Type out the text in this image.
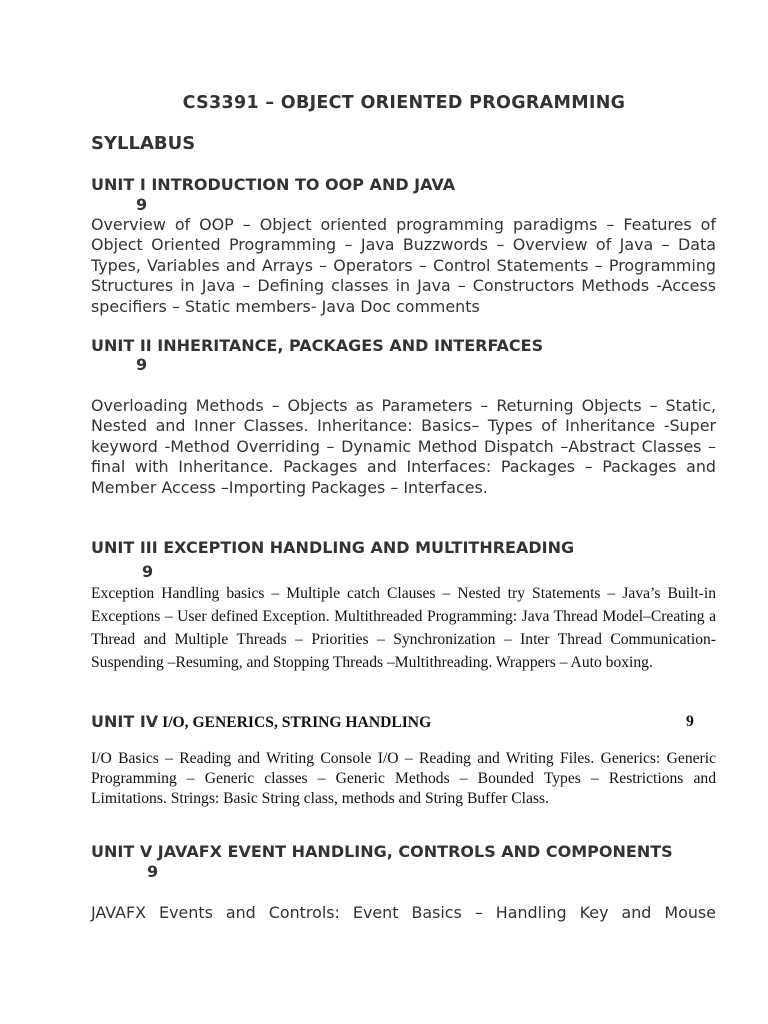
CS3391 – OBJECT ORIENTED PROGRAMMING
SYLLABUS
UNIT I INTRODUCTION TO OOP AND JAVA
9

Overview of OOP – Object oriented programming paradigms – Features of Object Oriented Programming – Java Buzzwords – Overview of Java – Data Types, Variables and Arrays – Operators – Control Statements – Programming Structures in Java – Defining classes in Java – Constructors Methods -Access specifiers – Static members- Java Doc comments

UNIT II INHERITANCE, PACKAGES AND INTERFACES
9

Overloading Methods – Objects as Parameters – Returning Objects – Static, Nested and Inner Classes. Inheritance: Basics– Types of Inheritance -Super keyword -Method Overriding – Dynamic Method Dispatch –Abstract Classes – final with Inheritance. Packages and Interfaces: Packages – Packages and Member Access –Importing Packages – Interfaces.

UNIT III EXCEPTION HANDLING AND MULTITHREADING
9

Exception Handling basics – Multiple catch Clauses – Nested try Statements – Java’s Built-in Exceptions – User defined Exception. Multithreaded Programming: Java Thread Model–Creating a Thread and Multiple Threads – Priorities – Synchronization – Inter Thread Communication- Suspending –Resuming, and Stopping Threads –Multithreading. Wrappers – Auto boxing.

UNIT IV I/O, GENERICS, STRING HANDLING	9

I/O Basics – Reading and Writing Console I/O – Reading and Writing Files. Generics: Generic Programming – Generic classes – Generic Methods – Bounded Types – Restrictions and Limitations. Strings: Basic String class, methods and String Buffer Class.

UNIT V JAVAFX EVENT HANDLING, CONTROLS AND COMPONENTS
9

JAVAFX Events and Controls: Event Basics – Handling Key and Mouse
